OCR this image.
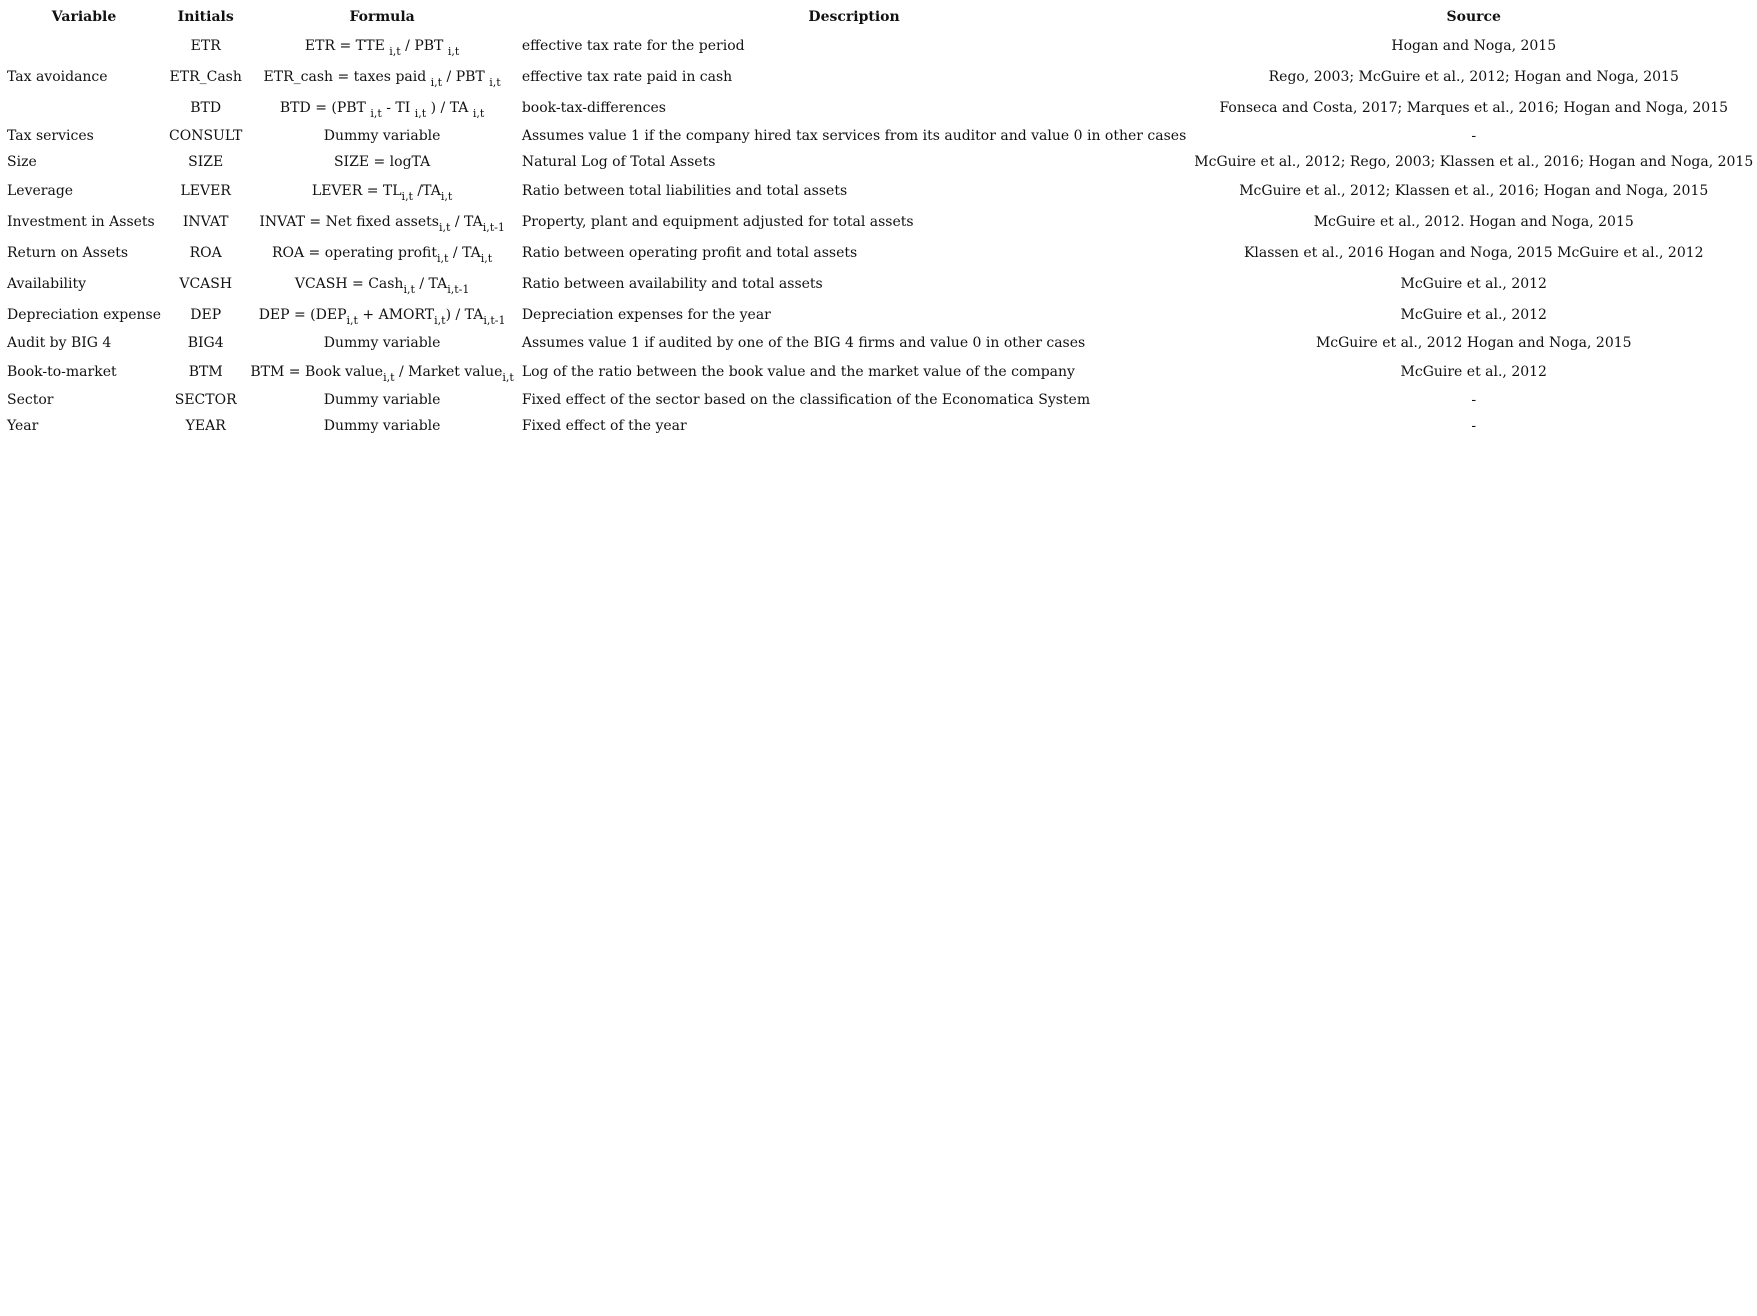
Variable	Initials	Formula	Description	Source
	ETR	ETR = TTE $_{i,t}$ / PBT $_{i,t}$	effective tax rate for the period	Hogan and Noga, 2015
Tax avoidance	ETR_Cash	ETR_cash = taxes paid $_{i,t}$ / PBT $_{i,t}$	effective tax rate paid in cash	Rego, 2003; McGuire et al., 2012; Hogan and Noga, 2015
	BTD	BTD = (PBT $_{i,t}$ - TI $_{i,t}$ ) / TA $_{i,t}$	book-tax-differences	Fonseca and Costa, 2017; Marques et al., 2016; Hogan and Noga, 2015
Tax services	CONSULT	Dummy variable	Assumes value 1 if the company hired tax services from its auditor and value 0 in other cases	-
Size	SIZE	SIZE = logTA	Natural Log of Total Assets	McGuire et al., 2012; Rego, 2003; Klassen et al., 2016; Hogan and Noga, 2015
Leverage	LEVER	LEVER = $TL_{i,t}$ $/TA_{i,t}$	Ratio between total liabilities and total assets	McGuire et al., 2012; Klassen et al., 2016; Hogan and Noga, 2015
Investment in Assets	INVAT	INVAT = Net fixed assets$_{i,t}$ / $TA_{i,t-1}$	Property, plant and equipment adjusted for total assets	McGuire et al., 2012. Hogan and Noga, 2015
Return on Assets	ROA	ROA = operating profit$_{i,t}$ / $TA_{i,t}$	Ratio between operating profit and total assets	Klassen et al., 2016 Hogan and Noga, 2015 McGuire et al., 2012
Availability	VCASH	VCASH = Cash$_{i,t}$ / $TA_{i,t-1}$	Ratio between availability and total assets	McGuire et al., 2012
Depreciation expense	DEP	DEP = ($DEP_{i,t}$ + $AMORT_{i,t}) / TA_{i,t-1}$	Depreciation expenses for the year	McGuire et al., 2012
Audit by BIG 4	BIG4	Dummy variable	Assumes value 1 if audited by one of the BIG 4 firms and value 0 in other cases	McGuire et al., 2012 Hogan and Noga, 2015
Book-to-market	BTM	BTM = Book value$_{i,t}$ / Market value$_{i,t}$	Log of the ratio between the book value and the market value of the company	McGuire et al., 2012
Sector	SECTOR	Dummy variable	Fixed effect of the sector based on the classification of the Economatica System	-
Year	YEAR	Dummy variable	Fixed effect of the year	-
